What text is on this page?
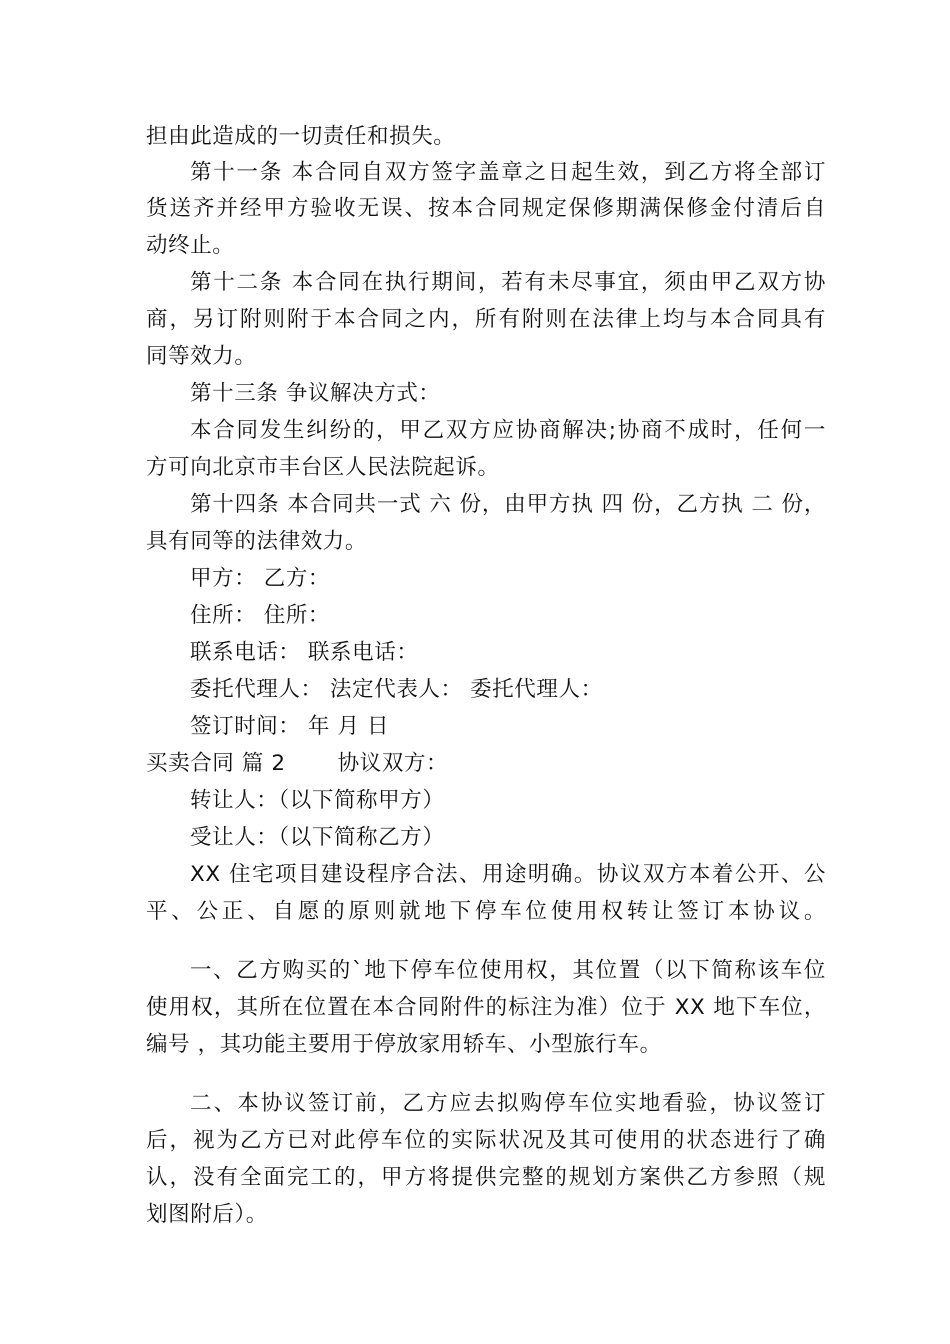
担由此造成的一切责任和损失。
第十一条 本合同自双方签字盖章之日起生效，到乙方将全部订
货送齐并经甲方验收无误、按本合同规定保修期满保修金付清后自
动终止。
第十二条 本合同在执行期间，若有未尽事宜，须由甲乙双方协
商，另订附则附于本合同之内，所有附则在法律上均与本合同具有
同等效力。
第十三条 争议解决方式：
本合同发生纠纷的，甲乙双方应协商解决;协商不成时，任何一
方可向北京市丰台区人民法院起诉。
第十四条 本合同共一式 六 份，由甲方执 四 份，乙方执 二 份，
具有同等的法律效力。
甲方： 乙方：
住所： 住所：
联系电话： 联系电话：
委托代理人： 法定代表人： 委托代理人：
签订时间： 年 月 日
买卖合同 篇 2 协议双方：
转让人：（以下简称甲方）
受让人：（以下简称乙方）
XX 住宅项目建设程序合法、用途明确。协议双方本着公开、公
平、公正、自愿的原则就地下停车位使用权转让签订本协议。
一、乙方购买的`地下停车位使用权，其位置（以下简称该车位
使用权，其所在位置在本合同附件的标注为准）位于 XX 地下车位，
编号 ，其功能主要用于停放家用轿车、小型旅行车。
二、本协议签订前，乙方应去拟购停车位实地看验，协议签订
后，视为乙方已对此停车位的实际状况及其可使用的状态进行了确
认，没有全面完工的，甲方将提供完整的规划方案供乙方参照（规
划图附后）。
